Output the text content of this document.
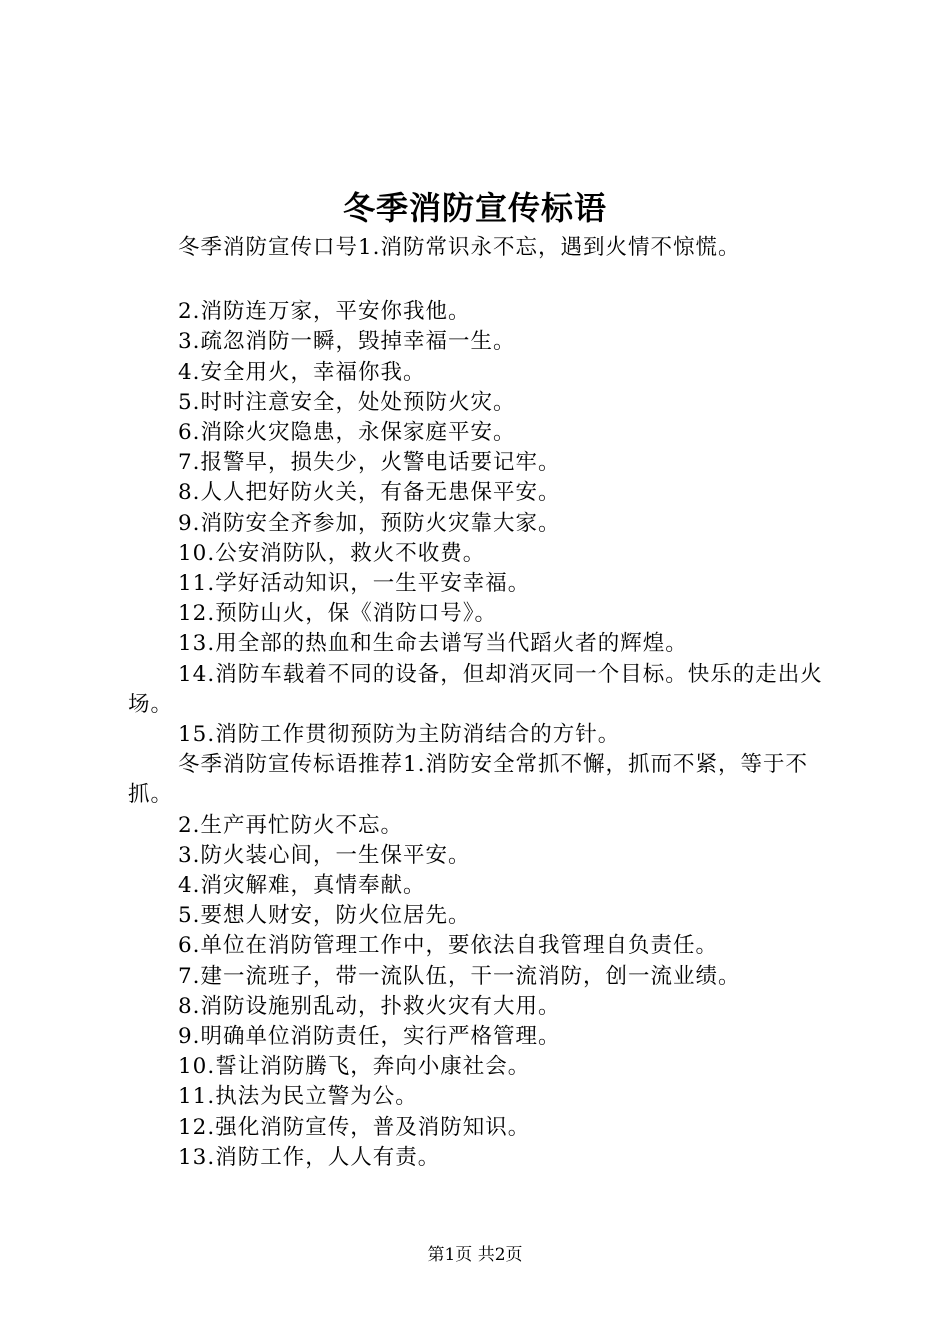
冬季消防宣传标语

冬季消防宣传口号1.消防常识永不忘，遇到火情不惊慌。

2.消防连万家，平安你我他。

3.疏忽消防一瞬，毁掉幸福一生。

4.安全用火，幸福你我。

5.时时注意安全，处处预防火灾。

6.消除火灾隐患，永保家庭平安。

7.报警早，损失少，火警电话要记牢。

8.人人把好防火关，有备无患保平安。

9.消防安全齐参加，预防火灾靠大家。

10.公安消防队，救火不收费。

11.学好活动知识，一生平安幸福。

12.预防山火，保《消防口号》。

13.用全部的热血和生命去谱写当代蹈火者的辉煌。

14.消防车载着不同的设备，但却消灭同一个目标。快乐的走出火场。

15.消防工作贯彻预防为主防消结合的方针。

冬季消防宣传标语推荐1.消防安全常抓不懈，抓而不紧，等于不抓。

2.生产再忙防火不忘。

3.防火装心间，一生保平安。

4.消灾解难，真情奉献。

5.要想人财安，防火位居先。

6.单位在消防管理工作中，要依法自我管理自负责任。

7.建一流班子，带一流队伍，干一流消防，创一流业绩。

8.消防设施别乱动，扑救火灾有大用。

9.明确单位消防责任，实行严格管理。

10.誓让消防腾飞，奔向小康社会。

11.执法为民立警为公。

12.强化消防宣传，普及消防知识。

13.消防工作，人人有责。

第1页 共2页
